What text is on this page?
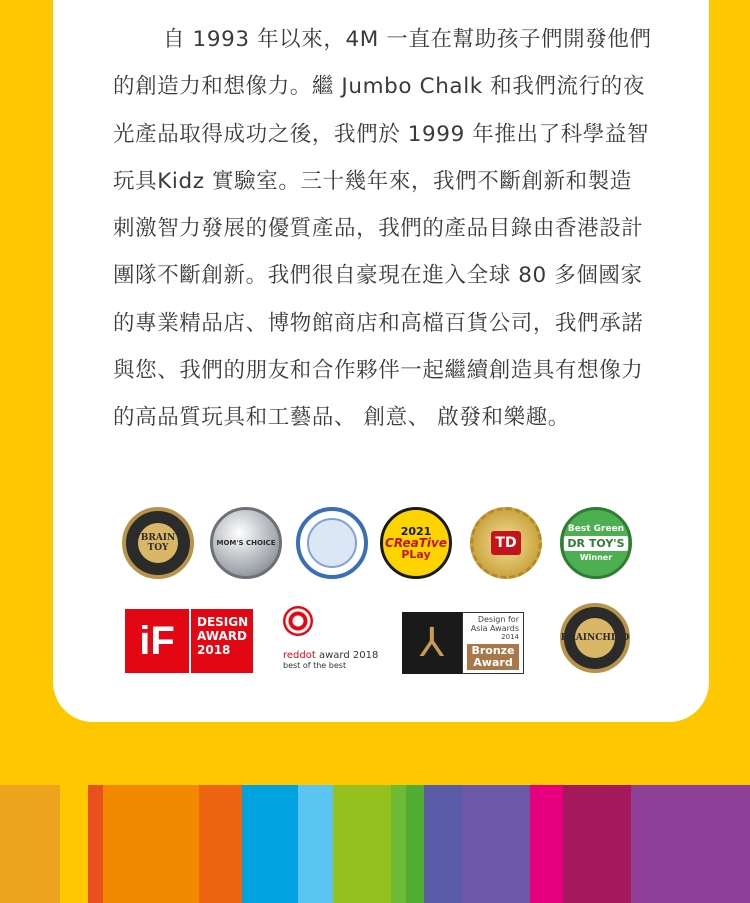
自 1993 年以來，4M 一直在幫助孩子們開發他們的創造力和想像力。繼 Jumbo Chalk 和我們流行的夜光產品取得成功之後，我們於 1999 年推出了科學益智玩具Kidz 實驗室。三十幾年來，我們不斷創新和製造刺激智力發展的優質產品，我們的產品目錄由香港設計團隊不斷創新。我們很自豪現在進入全球 80 多個國家的專業精品店、博物館商店和高檔百貨公司，我們承諾與您、我們的朋友和合作夥伴一起繼續創造具有想像力的高品質玩具和工藝品、 創意、 啟發和樂趣。

BRAIN TOY	MOM'S CHOICE
2021
CReaTive
PLay
TD
Best Green
DR TOY'S
Winner
iF	DESIGN
AWARD
2018	reddot award 2018
best of the best	⅄
Design for
Asia Awards
2014
Bronze
Award
BRAIN CHILD
